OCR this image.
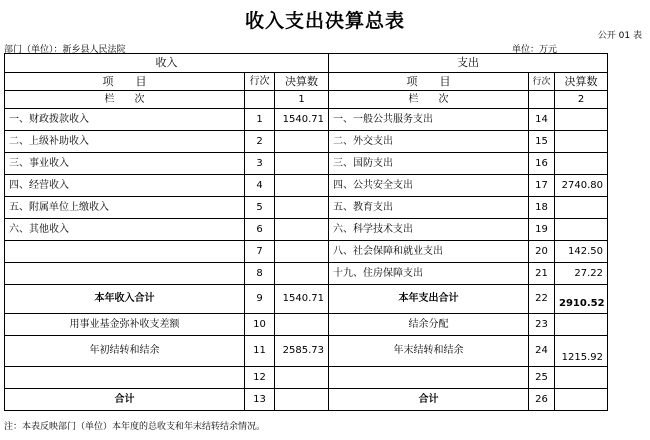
收入支出决算总表
公开 01 表
部门（单位）：新乡县人民法院	单位：万元
收入			支出		
项　　目	行次	决算数	项　　目	行次	决算数
栏　　次		1	栏　　次		2
一、财政拨款收入	1	1540.71	一、一般公共服务支出	14	
二、上级补助收入	2		二、外交支出	15	
三、事业收入	3		三、国防支出	16	
四、经营收入	4		四、公共安全支出	17	2740.80
五、附属单位上缴收入	5		五、教育支出	18	
六、其他收入	6		六、科学技术支出	19	
	7		八、社会保障和就业支出	20	142.50
	8		十九、住房保障支出	21	27.22
本年收入合计	9	1540.71	本年支出合计	22	2910.52
用事业基金弥补收支差额	10		结余分配	23	
年初结转和结余	11	2585.73	年末结转和结余	24	1215.92
	12			25	
合计	13		合计	26	
注：本表反映部门（单位）本年度的总收支和年末结转结余情况。
